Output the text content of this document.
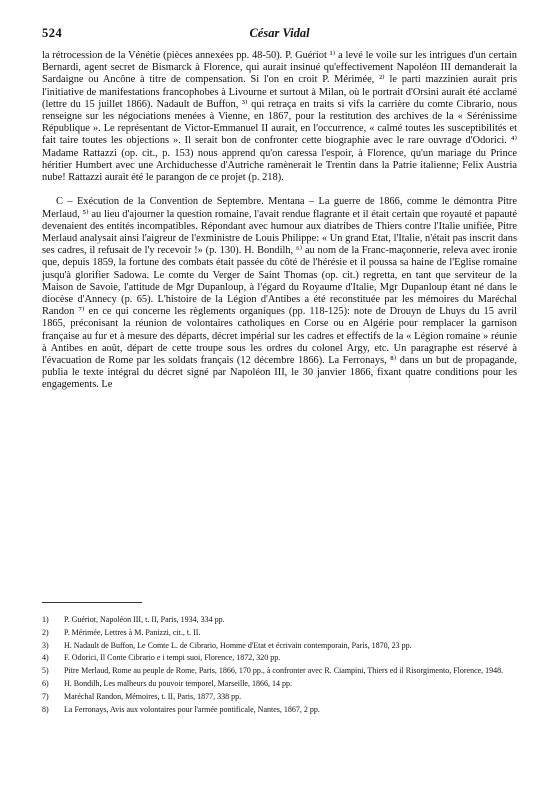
524	César Vidal

la rétrocession de la Vénétie (pièces annexées pp. 48-50). P. Guériot ¹⁾ a levé le voile sur les intrigues d'un certain Bernardi, agent secret de Bismarck à Florence, qui aurait insinué qu'effectivement Napoléon III demanderait la Sardaigne ou Ancône à titre de compensation. Si l'on en croit P. Mérimée, ²⁾ le parti mazzinien aurait pris l'initiative de manifestations francophobes à Livourne et surtout à Milan, où le portrait d'Orsini aurait été acclamé (lettre du 15 juillet 1866). Nadault de Buffon, ³⁾ qui retraça en traits si vifs la carrière du comte Cibrario, nous renseigne sur les négociations menées à Vienne, en 1867, pour la restitution des archives de la « Sérénissime République ». Le représentant de Victor-Emmanuel II aurait, en l'occurrence, « calmé toutes les susceptibilités et fait taire toutes les objections ». Il serait bon de confronter cette biographie avec le rare ouvrage d'Odorici. ⁴⁾ Madame Rattazzi (op. cit., p. 153) nous apprend qu'on caressa l'espoir, à Florence, qu'un mariage du Prince héritier Humbert avec une Archiduchesse d'Autriche ramènerait le Trentin dans la Patrie italienne; Felix Austria nube! Rattazzi aurait été le parangon de ce projet (p. 218).

C – Exécution de la Convention de Septembre. Mentana – La guerre de 1866, comme le démontra Pitre Merlaud, ⁵⁾ au lieu d'ajourner la question romaine, l'avait rendue flagrante et il était certain que royauté et papauté devenaient des entités incompatibles. Répondant avec humour aux diatribes de Thiers contre l'Italie unifiée, Pitre Merlaud analysait ainsi l'aigreur de l'exministre de Louis Philippe: « Un grand Etat, l'Italie, n'était pas inscrit dans ses cadres, il refusait de l'y recevoir !» (p. 130). H. Bondilh, ⁶⁾ au nom de la Franc-maçonnerie, releva avec ironie que, depuis 1859, la fortune des combats était passée du côté de l'hérésie et il poussa sa haine de l'Eglise romaine jusqu'à glorifier Sadowa. Le comte du Verger de Saint Thomas (op. cit.) regretta, en tant que serviteur de la Maison de Savoie, l'attitude de Mgr Dupanloup, à l'égard du Royaume d'Italie, Mgr Dupanloup étant né dans le diocèse d'Annecy (p. 65). L'histoire de la Légion d'Antibes a été reconstituée par les mémoires du Maréchal Randon ⁷⁾ en ce qui concerne les règlements organiques (pp. 118-125): note de Drouyn de Lhuys du 15 avril 1865, préconisant la réunion de volontaires catholiques en Corse ou en Algérie pour remplacer la garnison française au fur et à mesure des départs, décret impérial sur les cadres et effectifs de la « Légion romaine » réunie à Antibes en août, départ de cette troupe sous les ordres du colonel Argy, etc. Un paragraphe est réservé à l'évacuation de Rome par les soldats français (12 décembre 1866). La Ferronays, ⁸⁾ dans un but de propagande, publia le texte intégral du décret signé par Napoléon III, le 30 janvier 1866, fixant quatre conditions pour les engagements. Le

1) P. Guériot, Napoléon III, t. II, Paris, 1934, 334 pp.

2) P. Mérimée, Lettres à M. Panizzi, cit., t. II.

3) H. Nadault de Buffon, Le Comte L. de Cibrario, Homme d'Etat et écrivain contemporain, Paris, 1870, 23 pp.

4) F. Odorici, Il Conte Cibrario e i tempi suoi, Florence, 1872, 320 pp.

5) Pitre Merlaud, Rome au peuple de Rome, Paris, 1866, 170 pp., à confronter avec R. Ciampini, Thiers ed il Risorgimento, Florence, 1948.

6) H. Bondilh, Les malheurs du pouvoir temporel, Marseille, 1866, 14 pp.

7) Maréchal Randon, Mémoires, t. II, Paris, 1877, 338 pp.

8) La Ferronays, Avis aux volontaires pour l'armée pontificale, Nantes, 1867, 2 pp.
